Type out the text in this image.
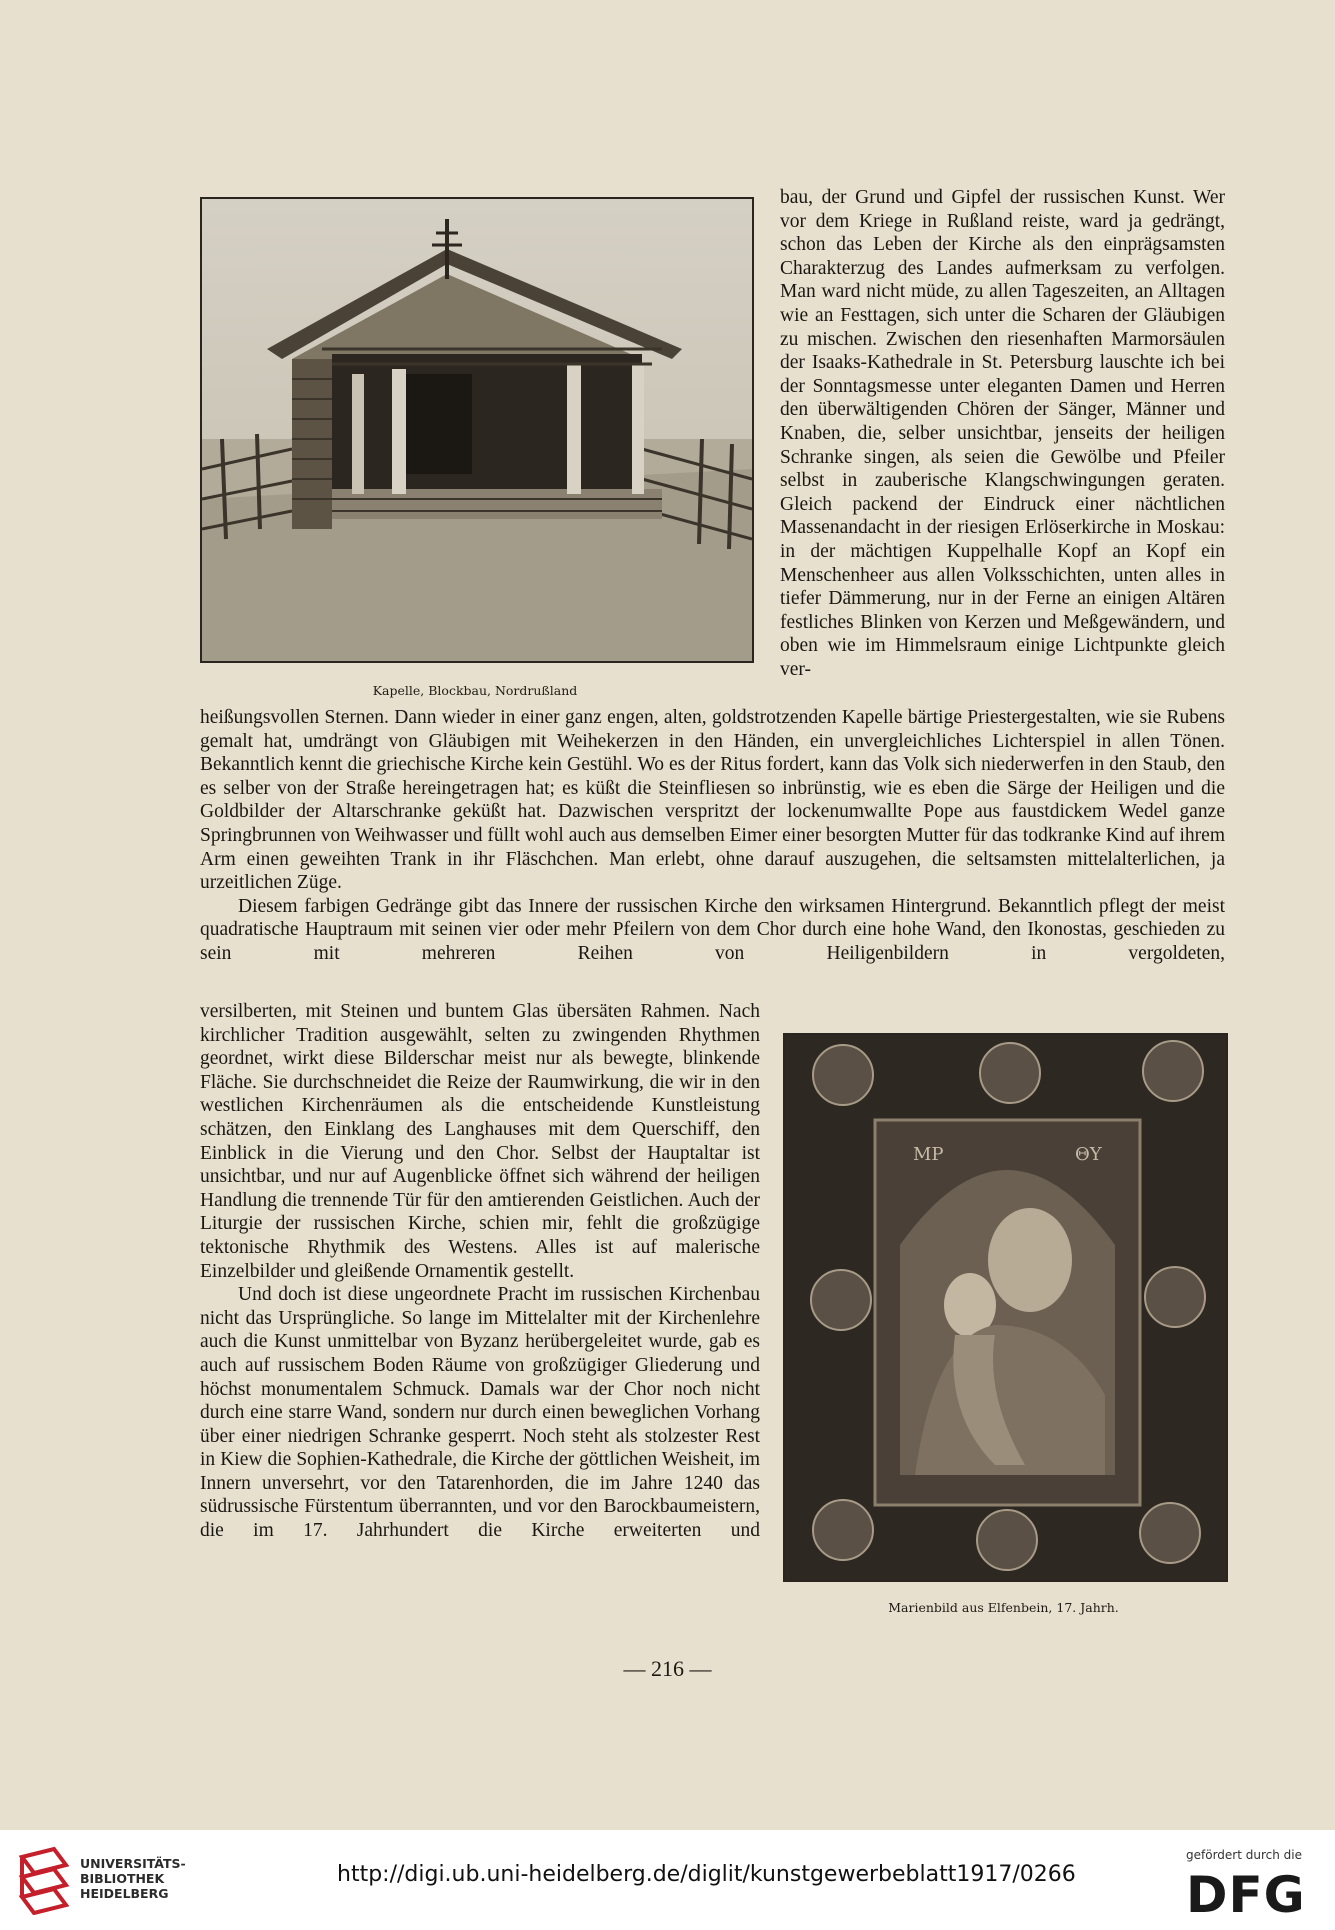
Kapelle, Blockbau, Nordrußland

bau, der Grund und Gipfel der russischen Kunst. Wer vor dem Kriege in Rußland reiste, ward ja gedrängt, schon das Leben der Kirche als den einprägsamsten Charakterzug des Landes aufmerksam zu verfolgen. Man ward nicht müde, zu allen Tageszeiten, an Alltagen wie an Festtagen, sich unter die Scharen der Gläubigen zu mischen. Zwischen den riesenhaften Marmorsäulen der Isaaks-Kathedrale in St. Petersburg lauschte ich bei der Sonntagsmesse unter eleganten Damen und Herren den überwältigenden Chören der Sänger, Männer und Knaben, die, selber unsichtbar, jenseits der heiligen Schranke singen, als seien die Gewölbe und Pfeiler selbst in zauberische Klangschwingungen geraten. Gleich packend der Eindruck einer nächtlichen Massenandacht in der riesigen Erlöserkirche in Moskau: in der mächtigen Kuppelhalle Kopf an Kopf ein Menschenheer aus allen Volksschichten, unten alles in tiefer Dämmerung, nur in der Ferne an einigen Altären festliches Blinken von Kerzen und Meßgewändern, und oben wie im Himmelsraum einige Lichtpunkte gleich ver-

heißungsvollen Sternen. Dann wieder in einer ganz engen, alten, goldstrotzenden Kapelle bärtige Priestergestalten, wie sie Rubens gemalt hat, umdrängt von Gläubigen mit Weihekerzen in den Händen, ein unvergleichliches Lichterspiel in allen Tönen. Bekanntlich kennt die griechische Kirche kein Gestühl. Wo es der Ritus fordert, kann das Volk sich niederwerfen in den Staub, den es selber von der Straße hereingetragen hat; es küßt die Steinfliesen so inbrünstig, wie es eben die Särge der Heiligen und die Goldbilder der Altarschranke geküßt hat. Dazwischen verspritzt der lockenumwallte Pope aus faustdickem Wedel ganze Springbrunnen von Weihwasser und füllt wohl auch aus demselben Eimer einer besorgten Mutter für das todkranke Kind auf ihrem Arm einen geweihten Trank in ihr Fläschchen. Man erlebt, ohne darauf auszugehen, die seltsamsten mittelalterlichen, ja urzeitlichen Züge.

Diesem farbigen Gedränge gibt das Innere der russischen Kirche den wirksamen Hintergrund. Bekanntlich pflegt der meist quadratische Hauptraum mit seinen vier oder mehr Pfeilern von dem Chor durch eine hohe Wand, den Ikonostas, geschieden zu sein mit mehreren Reihen von Heiligenbildern in vergoldeten,

versilberten, mit Steinen und buntem Glas übersäten Rahmen. Nach kirchlicher Tradition ausgewählt, selten zu zwingenden Rhythmen geordnet, wirkt diese Bilderschar meist nur als bewegte, blinkende Fläche. Sie durchschneidet die Reize der Raumwirkung, die wir in den westlichen Kirchenräumen als die entscheidende Kunstleistung schätzen, den Einklang des Langhauses mit dem Querschiff, den Einblick in die Vierung und den Chor. Selbst der Hauptaltar ist unsichtbar, und nur auf Augenblicke öffnet sich während der heiligen Handlung die trennende Tür für den amtierenden Geistlichen. Auch der Liturgie der russischen Kirche, schien mir, fehlt die großzügige tektonische Rhythmik des Westens. Alles ist auf malerische Einzelbilder und gleißende Ornamentik gestellt.

Und doch ist diese ungeordnete Pracht im russischen Kirchenbau nicht das Ursprüngliche. So lange im Mittelalter mit der Kirchenlehre auch die Kunst unmittelbar von Byzanz herübergeleitet wurde, gab es auch auf russischem Boden Räume von großzügiger Gliederung und höchst monumentalem Schmuck. Damals war der Chor noch nicht durch eine starre Wand, sondern nur durch einen beweglichen Vorhang über einer niedrigen Schranke gesperrt. Noch steht als stolzester Rest in Kiew die Sophien-Kathedrale, die Kirche der göttlichen Weisheit, im Innern unversehrt, vor den Tatarenhorden, die im Jahre 1240 das südrussische Fürstentum überrannten, und vor den Barockbaumeistern, die im 17. Jahrhundert die Kirche erweiterten und

MP	ΘΥ
Marienbild aus Elfenbein, 17. Jahrh.
— 216 —
UNIVERSITÄTS-
BIBLIOTHEK
HEIDELBERG
http://digi.ub.uni-heidelberg.de/diglit/kunstgewerbeblatt1917/0266
gefördert durch die
DFG
